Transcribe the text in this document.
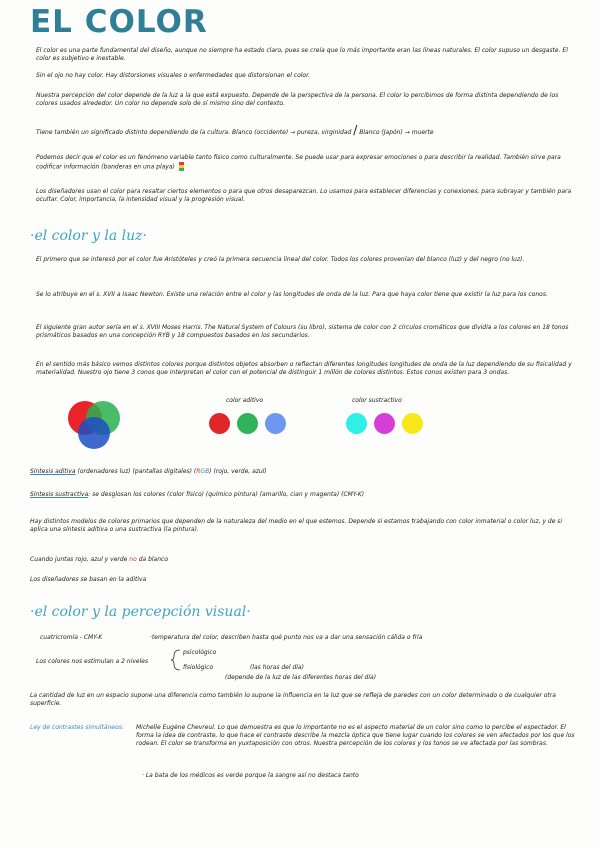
EL COLOR
El color es una parte fundamental del diseño, aunque no siempre ha estado claro, pues se creía que lo más importante eran las líneas naturales. El color supuso un desgaste. El color es subjetivo e inestable.
Sin el ojo no hay color. Hay distorsiones visuales o enfermedades que distorsionan el color.
Nuestra percepción del color depende de la luz a la que está expuesto. Depende de la perspectiva de la persona. El color lo percibimos de forma distinta dependiendo de los colores usados alrededor. Un color no depende solo de sí mismo sino del contexto.
Tiene también un significado distinto dependiendo de la cultura. Blanco (occidente) → pureza, virginidad / Blanco (Japón) → muerte
Podemos decir que el color es un fenómeno variable tanto físico como culturalmente. Se puede usar para expresar emociones o para describir la realidad. También sirve para codificar información (banderas en una playa)
Los diseñadores usan el color para resaltar ciertos elementos o para que otros desaparezcan. Lo usamos para establecer diferencias y conexiones, para subrayar y también para ocultar. Color, importancia, la intensidad visual y la progresión visual.
·el color y la luz·
El primero que se interesó por el color fue Aristóteles y creó la primera secuencia lineal del color. Todos los colores provenían del blanco (luz) y del negro (no luz).
Se lo atribuye en el s. XVII a Isaac Newton. Existe una relación entre el color y las longitudes de onda de la luz. Para que haya color tiene que existir la luz para los conos.
El siguiente gran autor sería en el s. XVIII Moses Harris. The Natural System of Colours (su libro), sistema de color con 2 círculos cromáticos que dividía a los colores en 18 tonos prismáticos basados en una concepción RYB y 18 compuestos basados en los secundarios.
En el sentido más básico vemos distintos colores porque distintos objetos absorben o reflectan diferentes longitudes longitudes de onda de la luz dependiendo de su fisicalidad y materialidad. Nuestro ojo tiene 3 conos que interpretan el color con el potencial de distinguir 1 millón de colores distintos. Estos conos existen para 3 ondas.
color aditivo	color sustractivo
Síntesis aditiva (ordenadores luz) (pantallas digitales) (RGB) (rojo, verde, azul)
Síntesis sustractiva: se desglosan los colores (color físico) (químico pintura) (amarillo, cian y magenta) (CMY-K)
Hay distintos modelos de colores primarios que dependen de la naturaleza del medio en el que estemos. Depende si estamos trabajando con color inmaterial o color luz, y de si aplica una síntesis aditiva o una sustractiva (la pintura).
Cuando juntas rojo, azul y verde no da blanco
Los diseñadores se basan en la aditiva
·el color y la percepción visual·
cuatricromía - CMY-K	·temperatura del color, describen hasta qué punto nos va a dar una sensación cálida o fría
Los colores nos estimulan a 2 niveles
psicológico
fisiológico	(las horas del día)
(depende de la luz de las diferentes horas del día)
La cantidad de luz en un espacio supone una diferencia como también lo supone la influencia en la luz que se refleja de paredes con un color determinado o de cualquier otra superficie.
Ley de contrastes simultáneos: Michelle Eugène Chevreul. Lo que demuestra es que lo importante no es el aspecto material de un color sino como lo percibe el espectador. El forma la idea de contraste, lo que hace el contraste describe la mezcla óptica que tiene lugar cuando los colores se ven afectados por los que los rodean. El color se transforma en yuxtaposición con otros. Nuestra percepción de los colores y los tonos se ve afectada por las sombras.
· La bata de los médicos es verde porque la sangre así no destaca tanto
